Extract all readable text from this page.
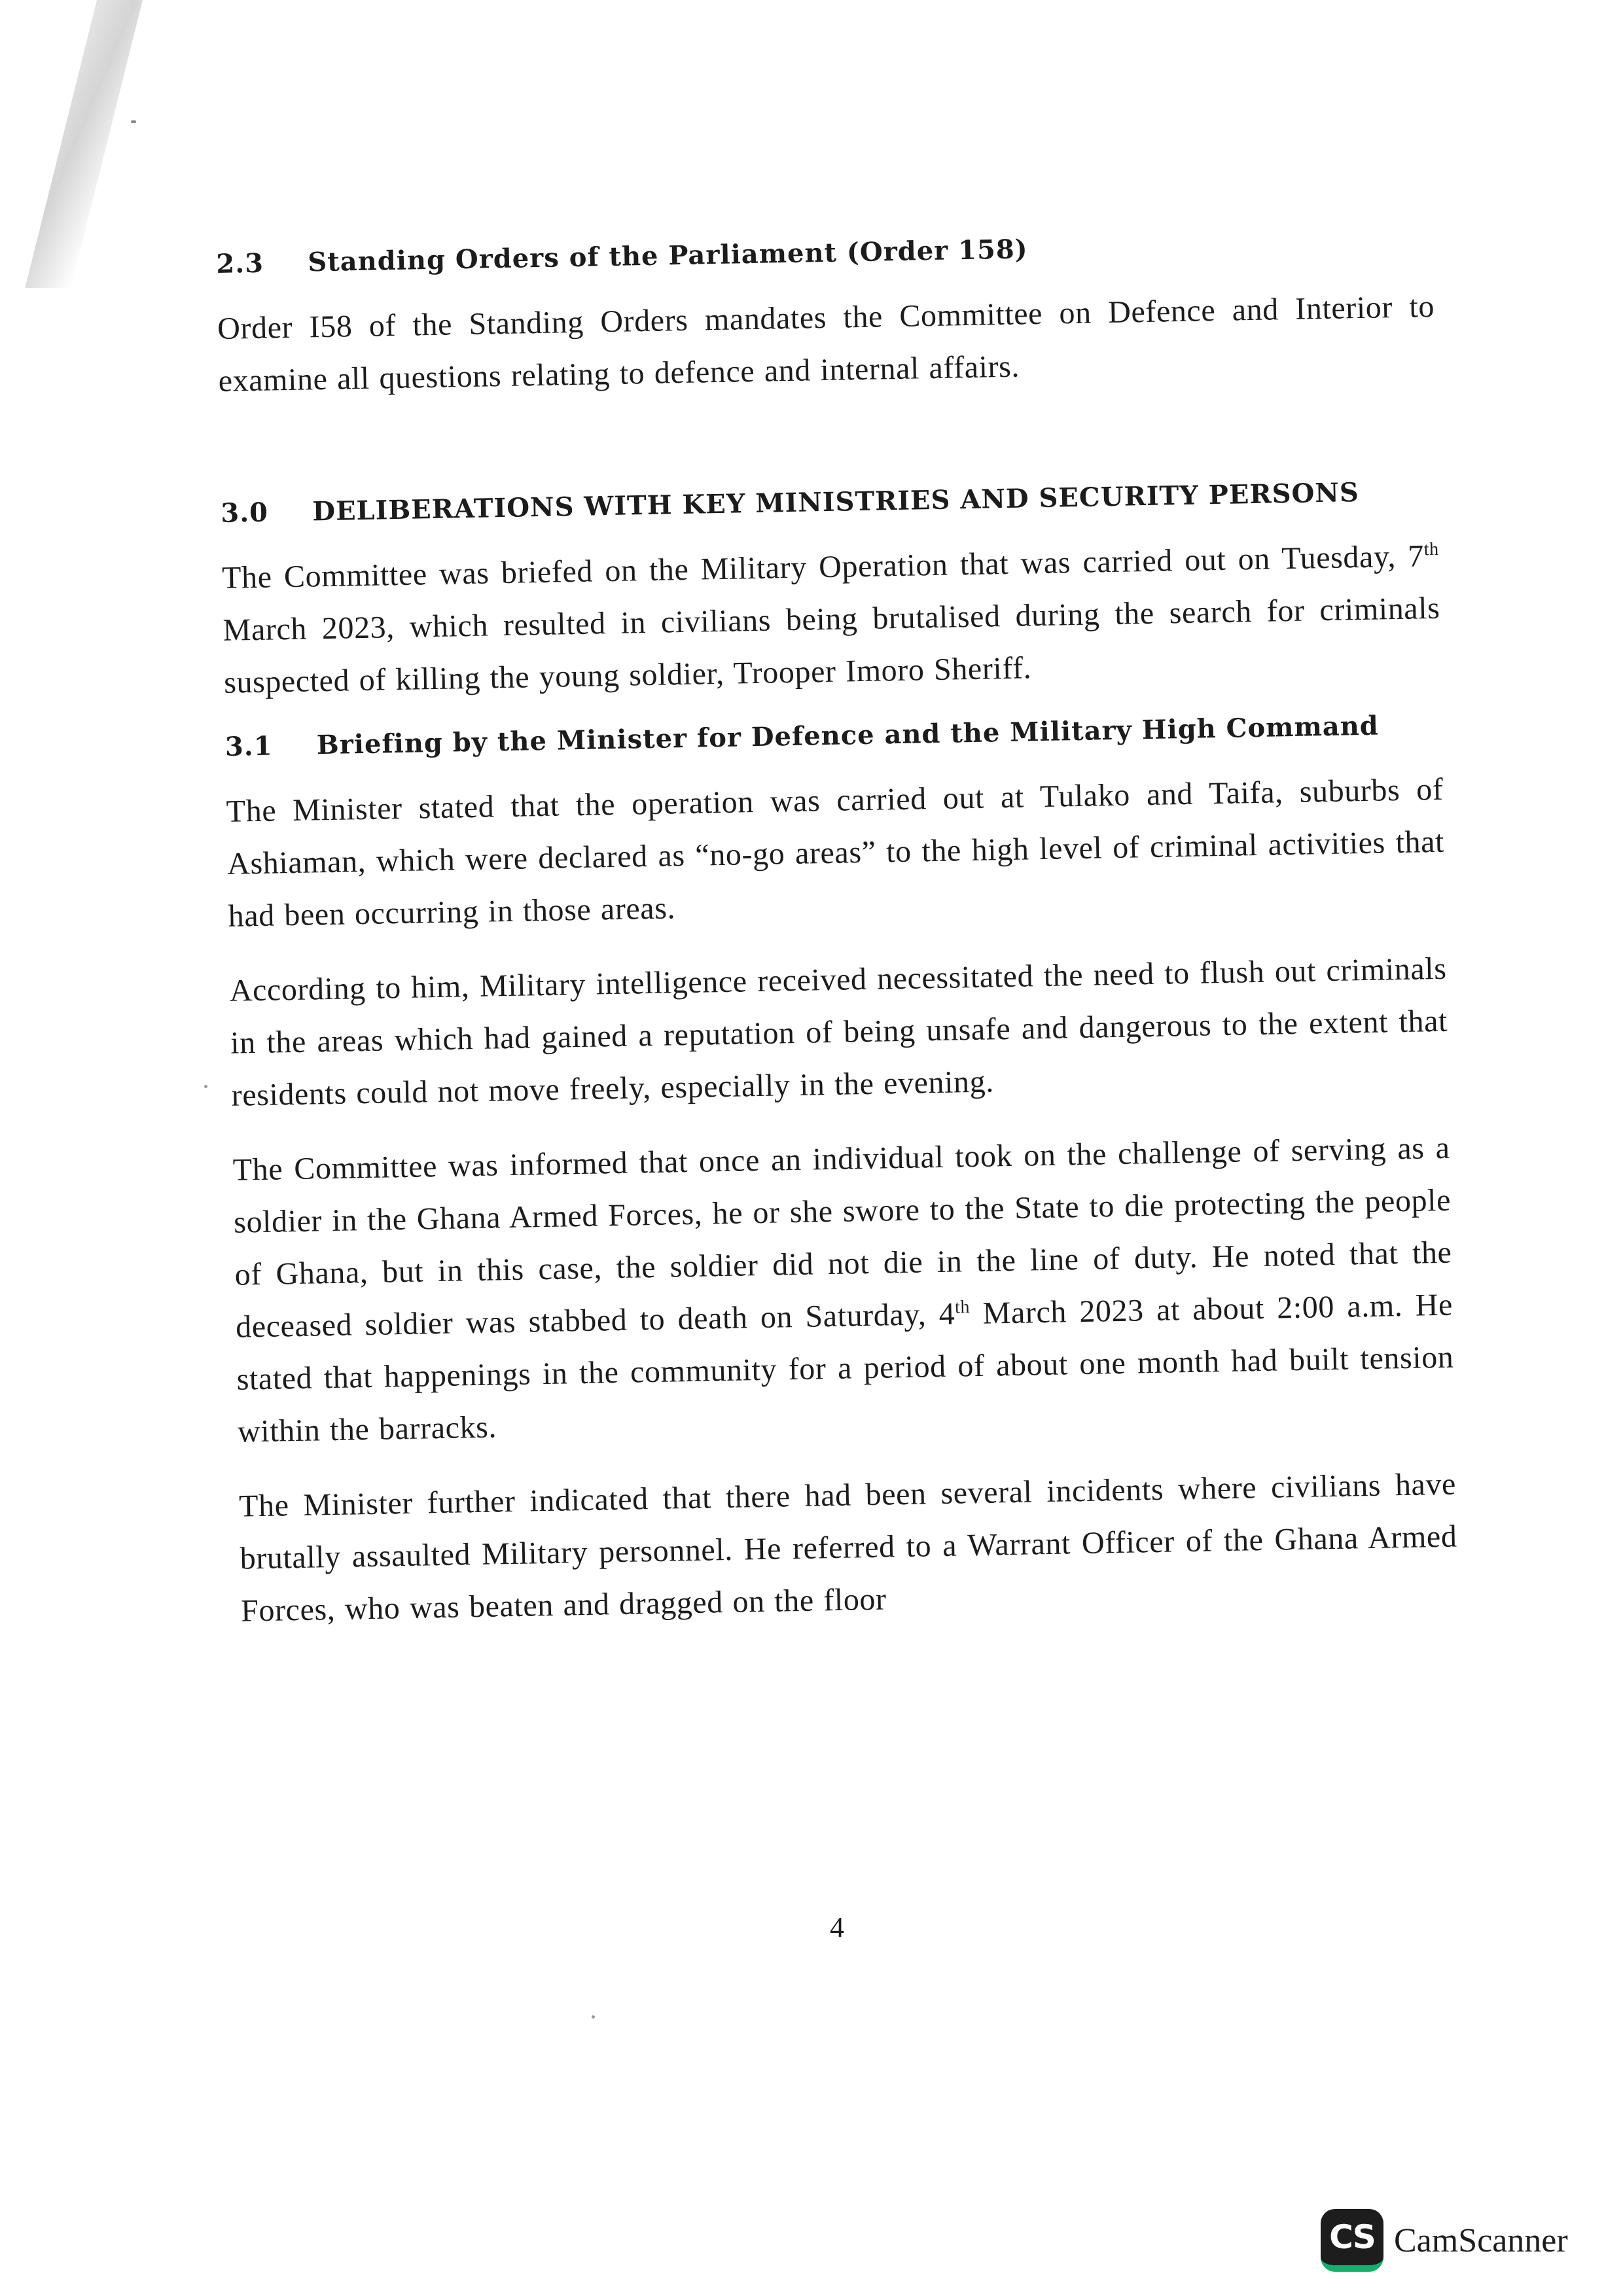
2.3	Standing Orders of the Parliament (Order 158)

Order I58 of the Standing Orders mandates the Committee on Defence and Interior to examine all questions relating to defence and internal affairs.

3.0	DELIBERATIONS WITH KEY MINISTRIES AND SECURITY PERSONS

The Committee was briefed on the Military Operation that was carried out on Tuesday, 7th March 2023, which resulted in civilians being brutalised during the search for criminals suspected of killing the young soldier, Trooper Imoro Sheriff.

3.1	Briefing by the Minister for Defence and the Military High Command

The Minister stated that the operation was carried out at Tulako and Taifa, suburbs of Ashiaman, which were declared as “no-go areas” to the high level of criminal activities that had been occurring in those areas.

According to him, Military intelligence received necessitated the need to flush out criminals in the areas which had gained a reputation of being unsafe and dangerous to the extent that residents could not move freely, especially in the evening.

The Committee was informed that once an individual took on the challenge of serving as a soldier in the Ghana Armed Forces, he or she swore to the State to die protecting the people of Ghana, but in this case, the soldier did not die in the line of duty. He noted that the deceased soldier was stabbed to death on Saturday, 4th March 2023 at about 2:00 a.m. He stated that happenings in the community for a period of about one month had built tension within the barracks.

The Minister further indicated that there had been several incidents where civilians have brutally assaulted Military personnel. He referred to a Warrant Officer of the Ghana Armed Forces, who was beaten and dragged on the floor

4
CS CamScanner
